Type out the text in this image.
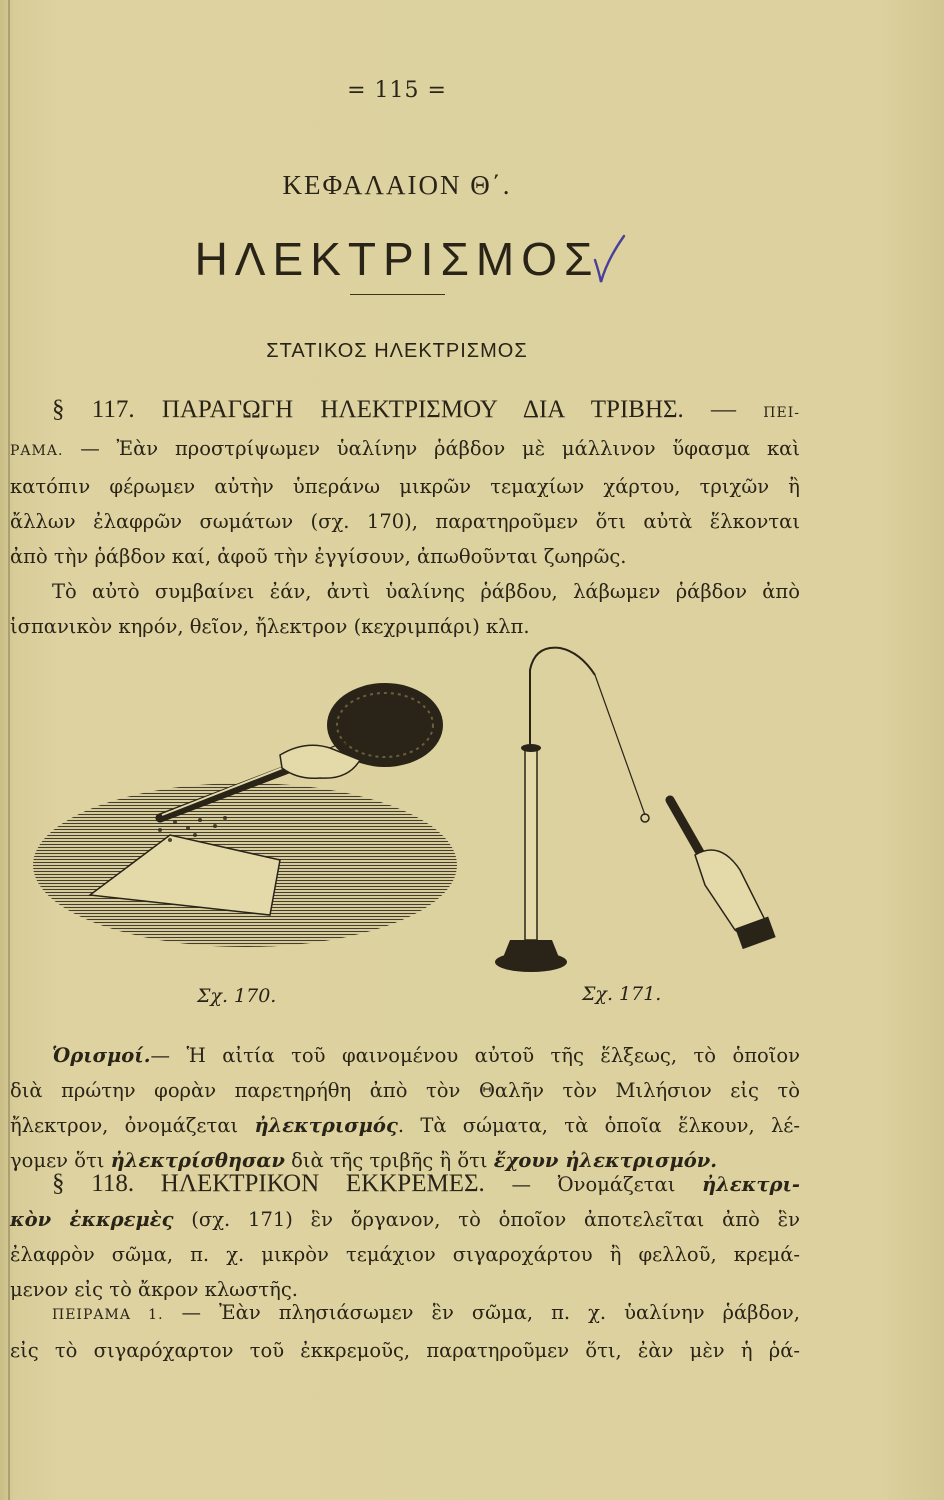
= 115 =
ΚΕΦΑΛΑΙΟΝ Θ΄.
ΗΛΕΚΤΡΙΣΜΟΣ
ΣΤΑΤΙΚΟΣ ΗΛΕΚΤΡΙΣΜΟΣ
§ 117. ΠΑΡΑΓΩΓΗ ΗΛΕΚΤΡΙΣΜΟΥ ΔΙΑ ΤΡΙΒΗΣ. — ΠΕΙ-
ΡΑΜΑ. — Ἐὰν προστρίψωμεν ὑαλίνην ῥάβδον μὲ μάλλινον ὕφασμα καὶ
κατόπιν φέρωμεν αὐτὴν ὑπεράνω μικρῶν τεμαχίων χάρτου, τριχῶν ἢ
ἄλλων ἐλαφρῶν σωμάτων (σχ. 170), παρατηροῦμεν ὅτι αὐτὰ ἕλκονται
ἀπὸ τὴν ῥάβδον καί, ἀφοῦ τὴν ἐγγίσουν, ἀπωθοῦνται ζωηρῶς.
Τὸ αὐτὸ συμβαίνει ἐάν, ἀντὶ ὑαλίνης ῥάβδου, λάβωμεν ῥάβδον ἀπὸ
ἱσπανικὸν κηρόν, θεῖον, ἤλεκτρον (κεχριμπάρι) κλπ.
Σχ. 170.	Σχ. 171.
Ὁρισμοί.— Ἡ αἰτία τοῦ φαινομένου αὐτοῦ τῆς ἕλξεως, τὸ ὁποῖον
διὰ πρώτην φορὰν παρετηρήθη ἀπὸ τὸν Θαλῆν τὸν Μιλήσιον εἰς τὸ
ἤλεκτρον, ὀνομάζεται ἠλεκτρισμός. Τὰ σώματα, τὰ ὁποῖα ἕλκουν, λέ-
γομεν ὅτι ἠλεκτρίσθησαν διὰ τῆς τριβῆς ἢ ὅτι ἔχουν ἠλεκτρισμόν.
§ 118. ΗΛΕΚΤΡΙΚΟΝ ΕΚΚΡΕΜΕΣ. — Ὀνομάζεται ἠλεκτρι-
κὸν ἐκκρεμὲς (σχ. 171) ἓν ὄργανον, τὸ ὁποῖον ἀποτελεῖται ἀπὸ ἓν
ἐλαφρὸν σῶμα, π. χ. μικρὸν τεμάχιον σιγαροχάρτου ἢ φελλοῦ, κρεμά-
μενον εἰς τὸ ἄκρον κλωστῆς.
ΠΕΙΡΑΜΑ 1. — Ἐὰν πλησιάσωμεν ἓν σῶμα, π. χ. ὑαλίνην ῥάβδον,
εἰς τὸ σιγαρόχαρτον τοῦ ἐκκρεμοῦς, παρατηροῦμεν ὅτι, ἐὰν μὲν ἡ ῥά-
